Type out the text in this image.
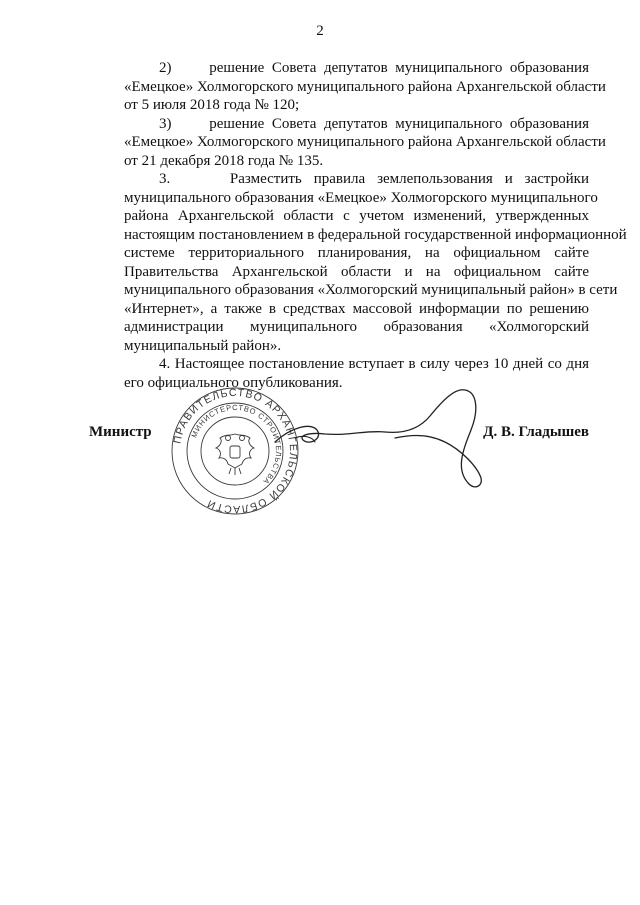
2
2)     решение Совета депутатов муниципального образования
«Емецкое» Холмогорского муниципального района Архангельской области
от 5 июля 2018 года № 120;
3)     решение Совета депутатов муниципального образования
«Емецкое» Холмогорского муниципального района Архангельской области
от 21 декабря 2018 года № 135.
3.     Разместить правила землепользования и застройки
муниципального образования «Емецкое» Холмогорского муниципального
района Архангельской области с учетом изменений, утвержденных
настоящим постановлением в федеральной государственной информационной
системе территориального планирования, на официальном сайте
Правительства Архангельской области и на официальном сайте
муниципального образования «Холмогорский муниципальный район» в сети
«Интернет», а также в средствах массовой информации по решению
администрации муниципального образования «Холмогорский
муниципальный район».
4. Настоящее постановление вступает в силу через 10 дней со дня
его официального опубликования.
ПРАВИТЕЛЬСТВО АРХАНГЕЛЬСКОЙ ОБЛАСТИ
МИНИСТЕРСТВО СТРОИТЕЛЬСТВА
Министр	Д. В. Гладышев
